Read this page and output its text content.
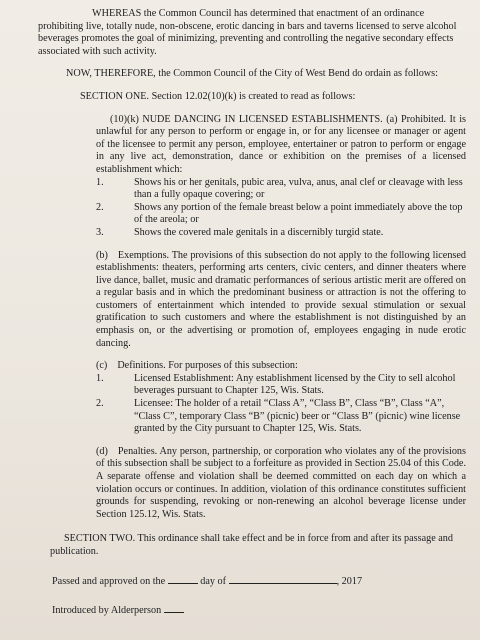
WHEREAS the Common Council has determined that enactment of an ordinance prohibiting live, totally nude, non-obscene, erotic dancing in bars and taverns licensed to serve alcohol beverages promotes the goal of minimizing, preventing and controlling the negative secondary effects associated with such activity.

NOW, THEREFORE, the Common Council of the City of West Bend do ordain as follows:

SECTION ONE. Section 12.02(10)(k) is created to read as follows:

(10)(k) NUDE DANCING IN LICENSED ESTABLISHMENTS. (a) Prohibited. It is unlawful for any person to perform or engage in, or for any licensee or manager or agent of the licensee to permit any person, employee, entertainer or patron to perform or engage in any live act, demonstration, dance or exhibition on the premises of a licensed establishment which:

1.	Shows his or her genitals, pubic area, vulva, anus, anal clef or cleavage with less than a fully opaque covering; or
2.	Shows any portion of the female breast below a point immediately above the top of the areola; or
3.	Shows the covered male genitals in a discernibly turgid state.

(b) Exemptions. The provisions of this subsection do not apply to the following licensed establishments: theaters, performing arts centers, civic centers, and dinner theaters where live dance, ballet, music and dramatic performances of serious artistic merit are offered on a regular basis and in which the predominant business or attraction is not the offering to customers of entertainment which intended to provide sexual stimulation or sexual gratification to such customers and where the establishment is not distinguished by an emphasis on, or the advertising or promotion of, employees engaging in nude erotic dancing.

(c) Definitions. For purposes of this subsection:

1.	Licensed Establishment: Any establishment licensed by the City to sell alcohol beverages pursuant to Chapter 125, Wis. Stats.
2.	Licensee: The holder of a retail “Class A”, “Class B”, Class “B”, Class “A”, “Class C”, temporary Class “B” (picnic) beer or “Class B” (picnic) wine license granted by the City pursuant to Chapter 125, Wis. Stats.

(d) Penalties. Any person, partnership, or corporation who violates any of the provisions of this subsection shall be subject to a forfeiture as provided in Section 25.04 of this Code. A separate offense and violation shall be deemed committed on each day on which a violation occurs or continues. In addition, violation of this ordinance constitutes sufficient grounds for suspending, revoking or non-renewing an alcohol beverage license under Section 125.12, Wis. Stats.

SECTION TWO. This ordinance shall take effect and be in force from and after its passage and publication.

Passed and approved on the	day of	, 2017

Introduced by Alderperson
